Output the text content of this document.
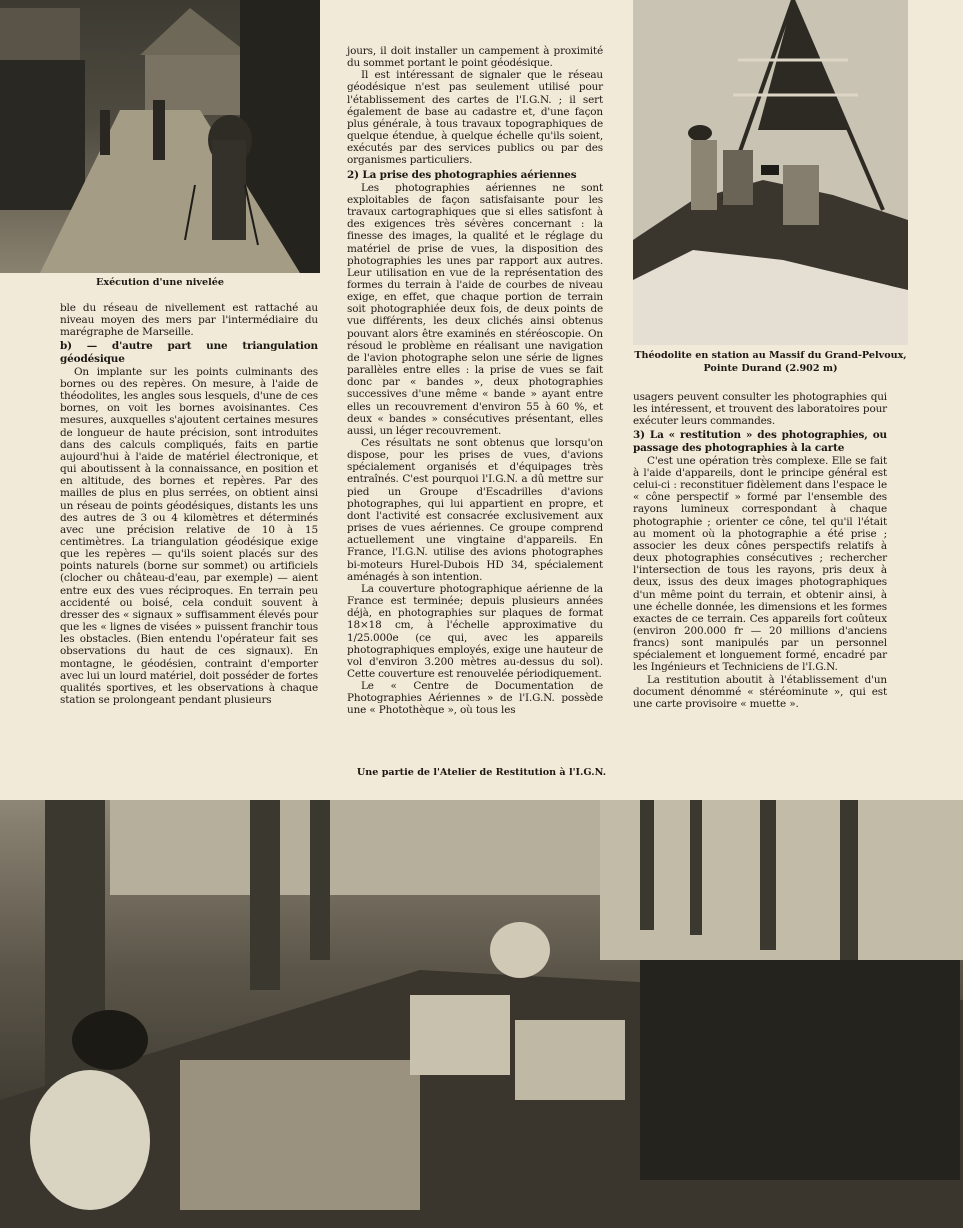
Exécution d'une nivelée
Théodolite en station au Massif du Grand-Pelvoux, Pointe Durand (2.902 m)

ble du réseau de nivellement est rattaché au niveau moyen des mers par l'intermédiaire du marégraphe de Marseille.

b) — d'autre part une triangulation géodésique

On implante sur les points culminants des bornes ou des repères. On mesure, à l'aide de théodolites, les angles sous lesquels, d'une de ces bornes, on voit les bornes avoisinantes. Ces mesures, auxquelles s'ajoutent certaines mesures de longueur de haute précision, sont introduites dans des calculs compliqués, faits en partie aujourd'hui à l'aide de matériel électronique, et qui aboutissent à la connaissance, en position et en altitude, des bornes et repères. Par des mailles de plus en plus serrées, on obtient ainsi un réseau de points géodésiques, distants les uns des autres de 3 ou 4 kilomètres et déterminés avec une précision relative de 10 à 15 centimètres. La triangulation géodésique exige que les repères — qu'ils soient placés sur des points naturels (borne sur sommet) ou artificiels (clocher ou château-d'eau, par exemple) — aient entre eux des vues réciproques. En terrain peu accidenté ou boisé, cela conduit souvent à dresser des « signaux » suffisamment élevés pour que les « lignes de visées » puissent franchir tous les obstacles. (Bien entendu l'opérateur fait ses observations du haut de ces signaux). En montagne, le géodésien, contraint d'emporter avec lui un lourd matériel, doit posséder de fortes qualités sportives, et les observations à chaque station se prolongeant pendant plusieurs

jours, il doit installer un campement à proximité du sommet portant le point géodésique.

Il est intéressant de signaler que le réseau géodésique n'est pas seulement utilisé pour l'établissement des cartes de l'I.G.N. ; il sert également de base au cadastre et, d'une façon plus générale, à tous travaux topographiques de quelque étendue, à quelque échelle qu'ils soient, exécutés par des services publics ou par des organismes particuliers.

2) La prise des photographies aériennes

Les photographies aériennes ne sont exploitables de façon satisfaisante pour les travaux cartographiques que si elles satisfont à des exigences très sévères concernant : la finesse des images, la qualité et le réglage du matériel de prise de vues, la disposition des photographies les unes par rapport aux autres. Leur utilisation en vue de la représentation des formes du terrain à l'aide de courbes de niveau exige, en effet, que chaque portion de terrain soit photographiée deux fois, de deux points de vue différents, les deux clichés ainsi obtenus pouvant alors être examinés en stéréoscopie. On résoud le problème en réalisant une navigation de l'avion photographe selon une série de lignes parallèles entre elles : la prise de vues se fait donc par « bandes », deux photographies successives d'une même « bande » ayant entre elles un recouvrement d'environ 55 à 60 %, et deux « bandes » consécutives présentant, elles aussi, un léger recouvrement.

Ces résultats ne sont obtenus que lorsqu'on dispose, pour les prises de vues, d'avions spécialement organisés et d'équipages très entraînés. C'est pourquoi l'I.G.N. a dû mettre sur pied un Groupe d'Escadrilles d'avions photographes, qui lui appartient en propre, et dont l'activité est consacrée exclusivement aux prises de vues aériennes. Ce groupe comprend actuellement une vingtaine d'appareils. En France, l'I.G.N. utilise des avions photographes bi-moteurs Hurel-Dubois HD 34, spécialement aménagés à son intention.

La couverture photographique aérienne de la France est terminée; depuis plusieurs années déjà, en photographies sur plaques de format 18×18 cm, à l'échelle approximative du 1/25.000e (ce qui, avec les appareils photographiques employés, exige une hauteur de vol d'environ 3.200 mètres au-dessus du sol). Cette couverture est renouvelée périodiquement.

Le « Centre de Documentation de Photographies Aériennes » de l'I.G.N. possède une « Photothèque », où tous les

usagers peuvent consulter les photographies qui les intéressent, et trouvent des laboratoires pour exécuter leurs commandes.

3) La « restitution » des photographies, ou passage des photographies à la carte

C'est une opération très complexe. Elle se fait à l'aide d'appareils, dont le principe général est celui-ci : reconstituer fidèlement dans l'espace le « cône perspectif » formé par l'ensemble des rayons lumineux correspondant à chaque photographie ; orienter ce cône, tel qu'il l'était au moment où la photographie a été prise ; associer les deux cônes perspectifs relatifs à deux photographies consécutives ; rechercher l'intersection de tous les rayons, pris deux à deux, issus des deux images photographiques d'un même point du terrain, et obtenir ainsi, à une échelle donnée, les dimensions et les formes exactes de ce terrain. Ces appareils fort coûteux (environ 200.000 fr — 20 millions d'anciens francs) sont manipulés par un personnel spécialement et longuement formé, encadré par les Ingénieurs et Techniciens de l'I.G.N.

La restitution aboutit à l'établissement d'un document dénommé « stéréominute », qui est une carte provisoire « muette ».

Une partie de l'Atelier de Restitution à l'I.G.N.
